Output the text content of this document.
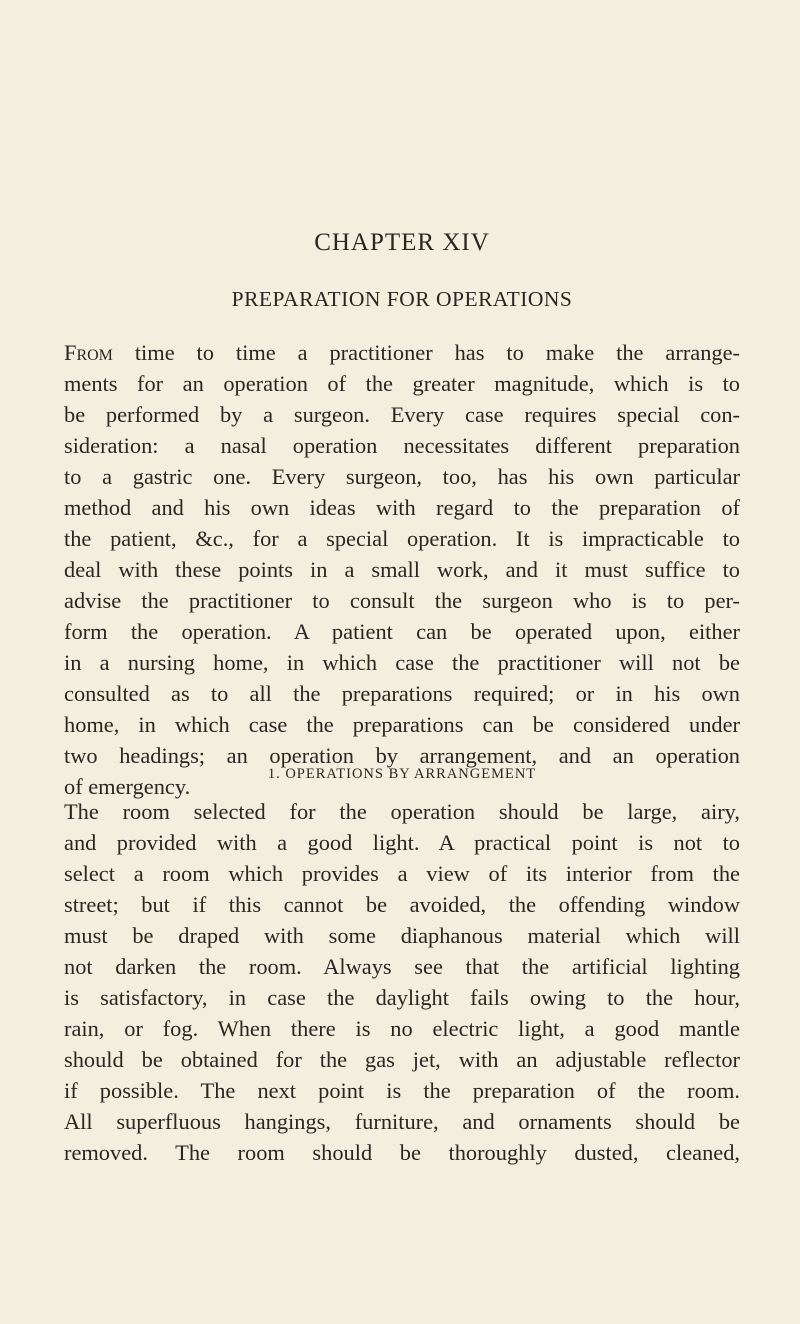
CHAPTER XIV
PREPARATION FOR OPERATIONS
From time to time a practitioner has to make the arrange-
ments for an operation of the greater magnitude, which is to
be performed by a surgeon. Every case requires special con-
sideration: a nasal operation necessitates different preparation
to a gastric one. Every surgeon, too, has his own particular
method and his own ideas with regard to the preparation of
the patient, &c., for a special operation. It is impracticable to
deal with these points in a small work, and it must suffice to
advise the practitioner to consult the surgeon who is to per-
form the operation. A patient can be operated upon, either
in a nursing home, in which case the practitioner will not be
consulted as to all the preparations required; or in his own
home, in which case the preparations can be considered under
two headings; an operation by arrangement, and an operation
of emergency.	1. OPERATIONS BY ARRANGEMENT
The room selected for the operation should be large, airy,
and provided with a good light. A practical point is not to
select a room which provides a view of its interior from the
street; but if this cannot be avoided, the offending window
must be draped with some diaphanous material which will
not darken the room. Always see that the artificial lighting
is satisfactory, in case the daylight fails owing to the hour,
rain, or fog. When there is no electric light, a good mantle
should be obtained for the gas jet, with an adjustable reflector
if possible. The next point is the preparation of the room.
All superfluous hangings, furniture, and ornaments should be
removed. The room should be thoroughly dusted, cleaned,
